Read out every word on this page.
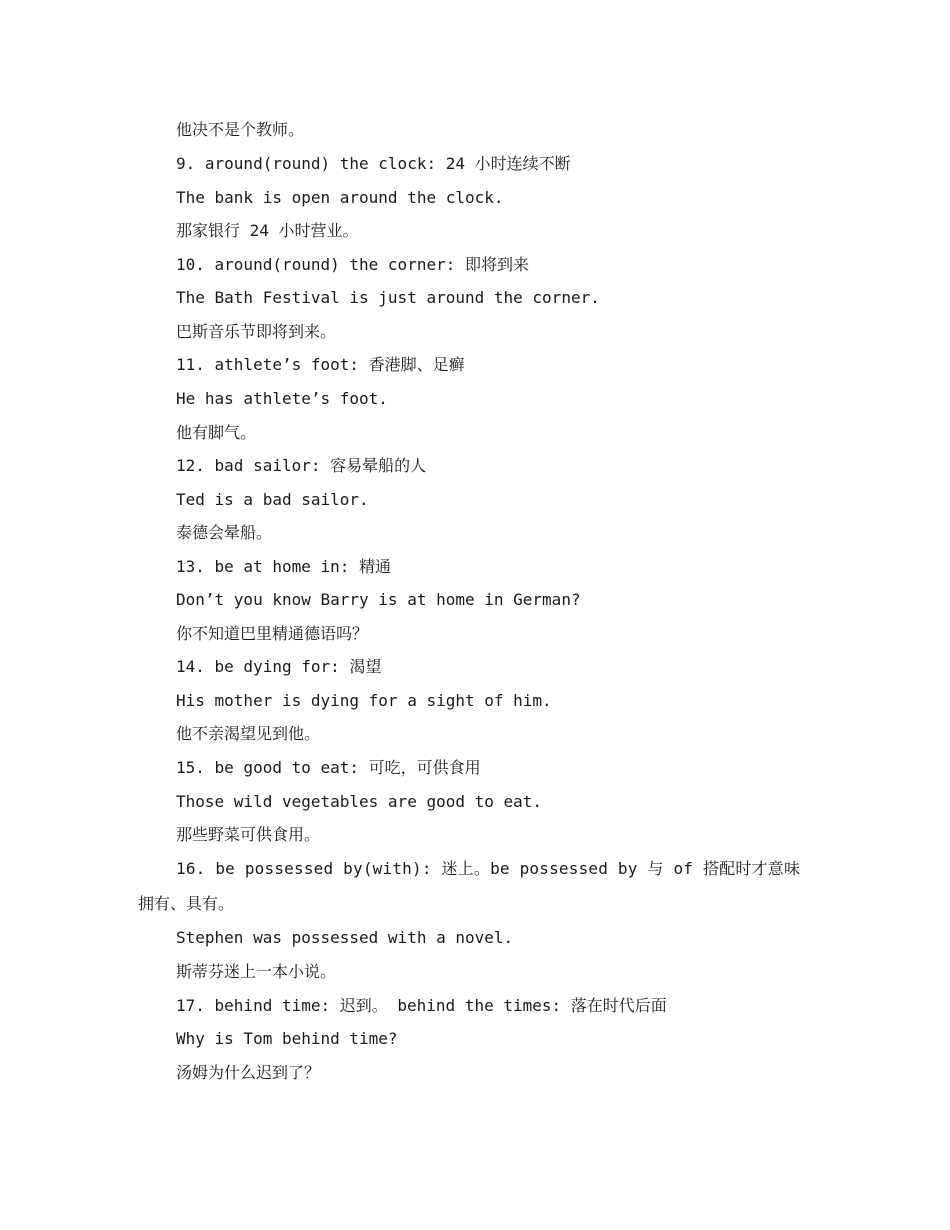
他决不是个教师。
9. around(round) the clock: 24 小时连续不断
The bank is open around the clock.
那家银行 24 小时营业。
10. around(round) the corner: 即将到来
The Bath Festival is just around the corner.
巴斯音乐节即将到来。
11. athlete’s foot: 香港脚、足癣
He has athlete’s foot.
他有脚气。
12. bad sailor: 容易晕船的人
Ted is a bad sailor.
泰德会晕船。
13. be at home in: 精通
Don’t you know Barry is at home in German?
你不知道巴里精通德语吗？
14. be dying for: 渴望
His mother is dying for a sight of him.
他不亲渴望见到他。
15. be good to eat: 可吃，可供食用
Those wild vegetables are good to eat.
那些野菜可供食用。
16. be possessed by(with): 迷上。be possessed by 与 of 搭配时才意味
拥有、具有。
Stephen was possessed with a novel.
斯蒂芬迷上一本小说。
17. behind time: 迟到。 behind the times: 落在时代后面
Why is Tom behind time?
汤姆为什么迟到了？
